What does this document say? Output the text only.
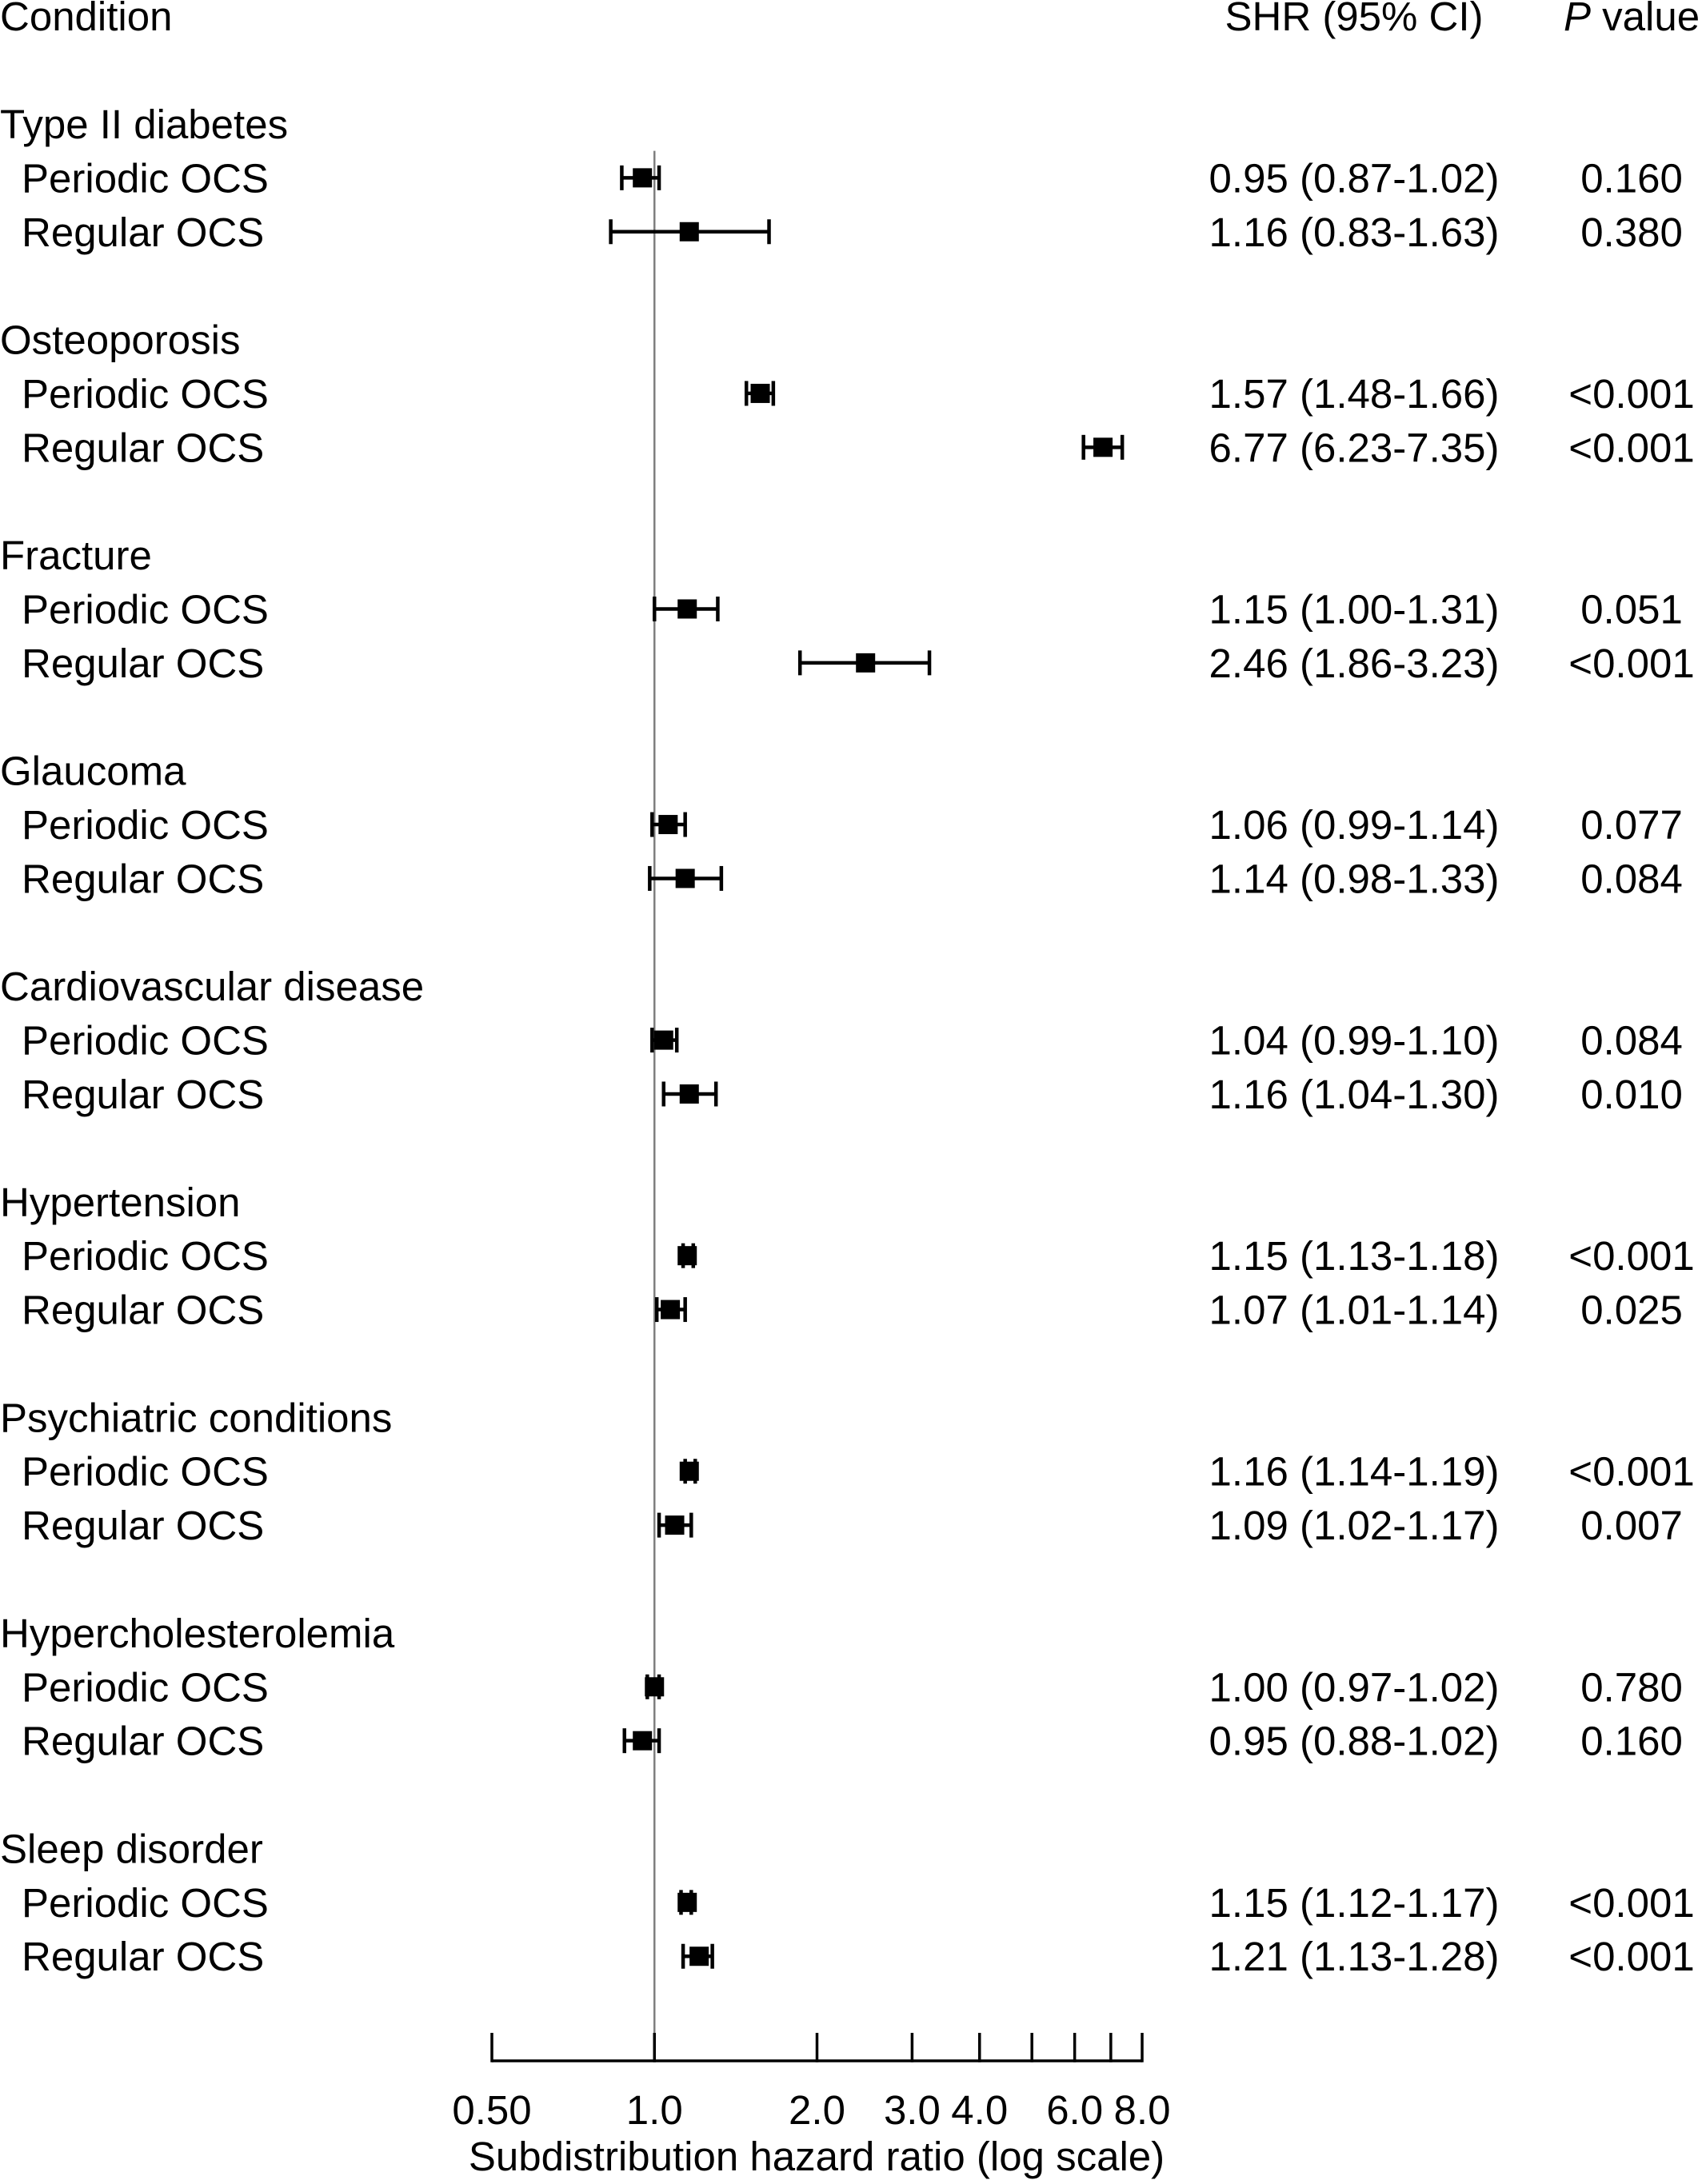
Condition	SHR (95% CI) P value
Type II diabetes
Periodic OCS	0.95 (0.87-1.02) 0.160
Regular OCS	1.16 (0.83-1.63) 0.380
Osteoporosis
Periodic OCS	1.57 (1.48-1.66) <0.001
Regular OCS	6.77 (6.23-7.35) <0.001
Fracture
Periodic OCS	1.15 (1.00-1.31) 0.051
Regular OCS	2.46 (1.86-3.23) <0.001
Glaucoma
Periodic OCS	1.06 (0.99-1.14) 0.077
Regular OCS	1.14 (0.98-1.33) 0.084
Cardiovascular disease
Periodic OCS	1.04 (0.99-1.10) 0.084
Regular OCS	1.16 (1.04-1.30) 0.010
Hypertension
Periodic OCS	1.15 (1.13-1.18) <0.001
Regular OCS	1.07 (1.01-1.14) 0.025
Psychiatric conditions
Periodic OCS	1.16 (1.14-1.19) <0.001
Regular OCS	1.09 (1.02-1.17) 0.007
Hypercholesterolemia
Periodic OCS	1.00 (0.97-1.02) 0.780
Regular OCS	0.95 (0.88-1.02) 0.160
Sleep disorder
Periodic OCS	1.15 (1.12-1.17) <0.001
Regular OCS	1.21 (1.13-1.28) <0.001
0.50 1.0	2.0 3.0 4.0 6.0 8.0
Subdistribution hazard ratio (log scale)
